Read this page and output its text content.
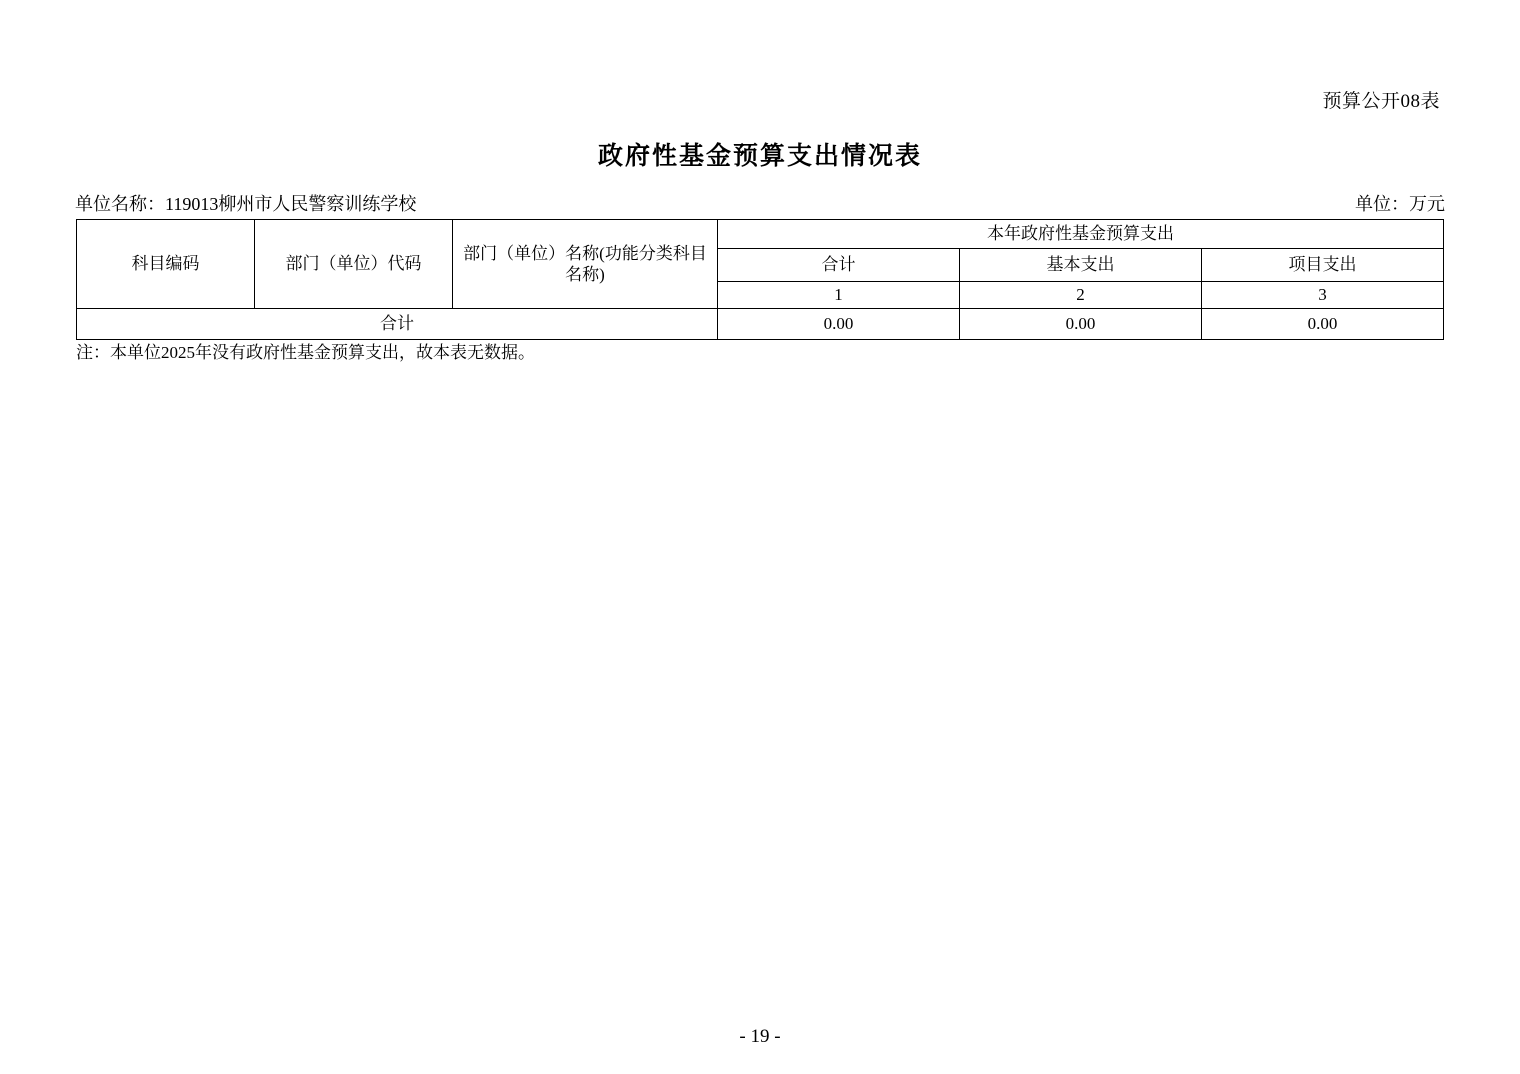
预算公开08表
政府性基金预算支出情况表
单位名称：119013柳州市人民警察训练学校	单位：万元
科目编码	部门（单位）代码	部门（单位）名称(功能分类科目名称)	本年政府性基金预算支出		
			合计	基本支出	项目支出
			1	2	3
合计			0.00	0.00	0.00
注：本单位2025年没有政府性基金预算支出，故本表无数据。
- 19 -
